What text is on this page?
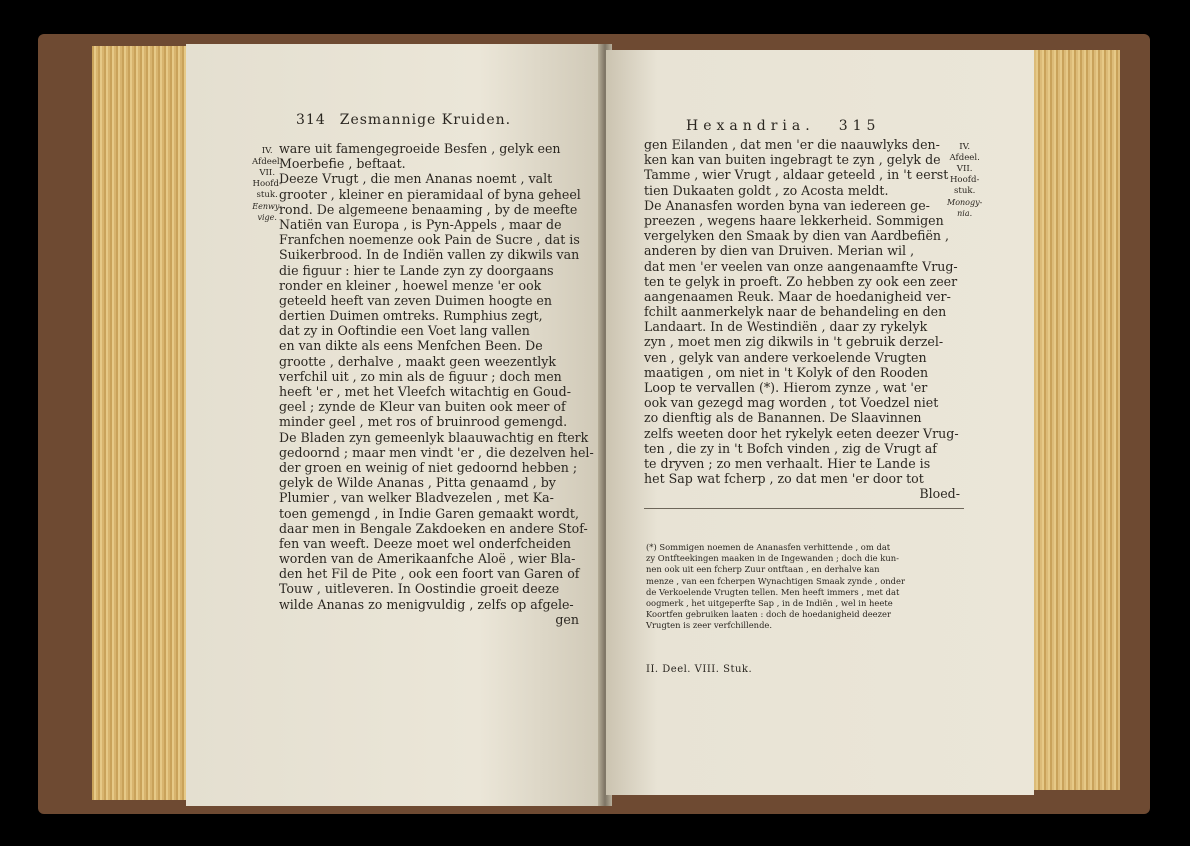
314 Zesmannige Kruiden.
IV.
Afdeel.
VII.
Hoofd-
stuk.
Eenwy-
vige.
ware uit famengegroeide Besfen , gelyk een
Moerbefie , beftaat.
Deeze Vrugt , die men Ananas noemt , valt
grooter , kleiner en pieramidaal of byna geheel
rond. De algemeene benaaming , by de meefte
Natiën van Europa , is Pyn-Appels , maar de
Franfchen noemenze ook Pain de Sucre , dat is
Suikerbrood. In de Indiën vallen zy dikwils van
die figuur : hier te Lande zyn zy doorgaans
ronder en kleiner , hoewel menze 'er ook
geteeld heeft van zeven Duimen hoogte en
dertien Duimen omtreks. Rumphius zegt,
dat zy in Ooftindie een Voet lang vallen
en van dikte als eens Menfchen Been. De
grootte , derhalve , maakt geen weezentlyk
verfchil uit , zo min als de figuur ; doch men
heeft 'er , met het Vleefch witachtig en Goud-
geel ; zynde de Kleur van buiten ook meer of
minder geel , met ros of bruinrood gemengd.
De Bladen zyn gemeenlyk blaauwachtig en fterk
gedoornd ; maar men vindt 'er , die dezelven hel-
der groen en weinig of niet gedoornd hebben ;
gelyk de Wilde Ananas , Pitta genaamd , by
Plumier , van welker Bladvezelen , met Ka-
toen gemengd , in Indie Garen gemaakt wordt,
daar men in Bengale Zakdoeken en andere Stof-
fen van weeft. Deeze moet wel onderfcheiden
worden van de Amerikaanfche Aloë , wier Bla-
den het Fil de Pite , ook een foort van Garen of
Touw , uitleveren. In Oostindie groeit deeze
wilde Ananas zo menigvuldig , zelfs op afgele-
gen
Hexandria. 315
gen Eilanden , dat men 'er die naauwlyks den-
ken kan van buiten ingebragt te zyn , gelyk de
Tamme , wier Vrugt , aldaar geteeld , in 't eerst
tien Dukaaten goldt , zo Acosta meldt.
De Ananasfen worden byna van iedereen ge-
preezen , wegens haare lekkerheid. Sommigen
vergelyken den Smaak by dien van Aardbefiën ,
anderen by dien van Druiven. Merian wil ,
dat men 'er veelen van onze aangenaamfte Vrug-
ten te gelyk in proeft. Zo hebben zy ook een zeer
aangenaamen Reuk. Maar de hoedanigheid ver-
fchilt aanmerkelyk naar de behandeling en den
Landaart. In de Westindiën , daar zy rykelyk
zyn , moet men zig dikwils in 't gebruik derzel-
ven , gelyk van andere verkoelende Vrugten
maatigen , om niet in 't Kolyk of den Rooden
Loop te vervallen (*). Hierom zynze , wat 'er
ook van gezegd mag worden , tot Voedzel niet
zo dienftig als de Banannen. De Slaavinnen
zelfs weeten door het rykelyk eeten deezer Vrug-
ten , die zy in 't Bofch vinden , zig de Vrugt af
te dryven ; zo men verhaalt. Hier te Lande is
het Sap wat fcherp , zo dat men 'er door tot
Bloed-
IV.
Afdeel.
VII.
Hoofd-
stuk.
Monogy-
nia.
(*) Sommigen noemen de Ananasfen verhittende , om dat
zy Ontfteekingen maaken in de Ingewanden ; doch die kun-
nen ook uit een fcherp Zuur ontftaan , en derhalve kan
menze , van een fcherpen Wynachtigen Smaak zynde , onder
de Verkoelende Vrugten tellen. Men heeft immers , met dat
oogmerk , het uitgeperfte Sap , in de Indiën , wel in heete
Koortfen gebruiken laaten : doch de hoedanigheid deezer
Vrugten is zeer verfchillende.
II. Deel. VIII. Stuk.
